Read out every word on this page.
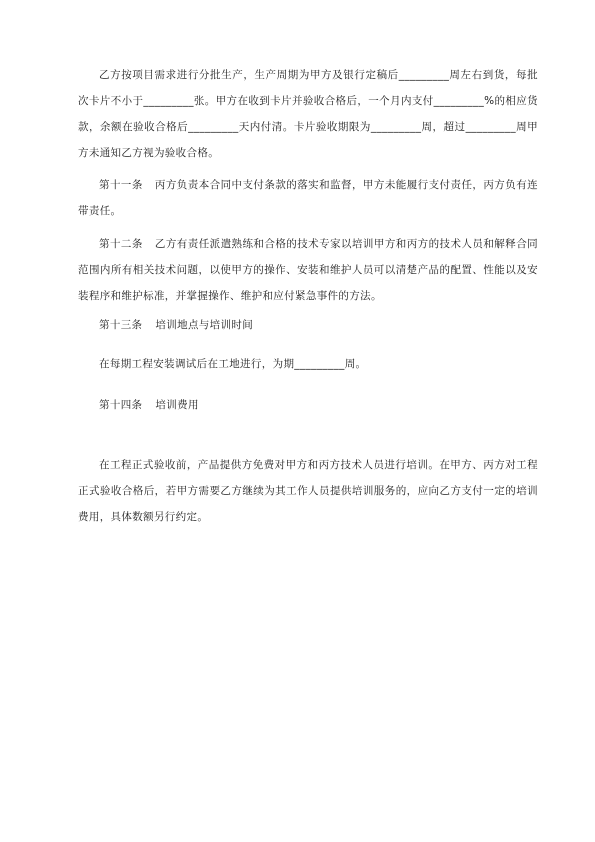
乙方按项目需求进行分批生产，生产周期为甲方及银行定稿后_________周左右到货，每批次卡片不小于_________张。甲方在收到卡片并验收合格后，一个月内支付_________%的相应货款，余额在验收合格后_________天内付清。卡片验收期限为_________周，超过_________周甲方未通知乙方视为验收合格。

第十一条 丙方负责本合同中支付条款的落实和监督，甲方未能履行支付责任，丙方负有连带责任。

第十二条 乙方有责任派遣熟练和合格的技术专家以培训甲方和丙方的技术人员和解释合同范围内所有相关技术问题，以使甲方的操作、安装和维护人员可以清楚产品的配置、性能以及安装程序和维护标准，并掌握操作、维护和应付紧急事件的方法。

第十三条 培训地点与培训时间

在每期工程安装调试后在工地进行，为期_________周。

第十四条 培训费用

在工程正式验收前，产品提供方免费对甲方和丙方技术人员进行培训。在甲方、丙方对工程正式验收合格后，若甲方需要乙方继续为其工作人员提供培训服务的，应向乙方支付一定的培训费用，具体数额另行约定。
